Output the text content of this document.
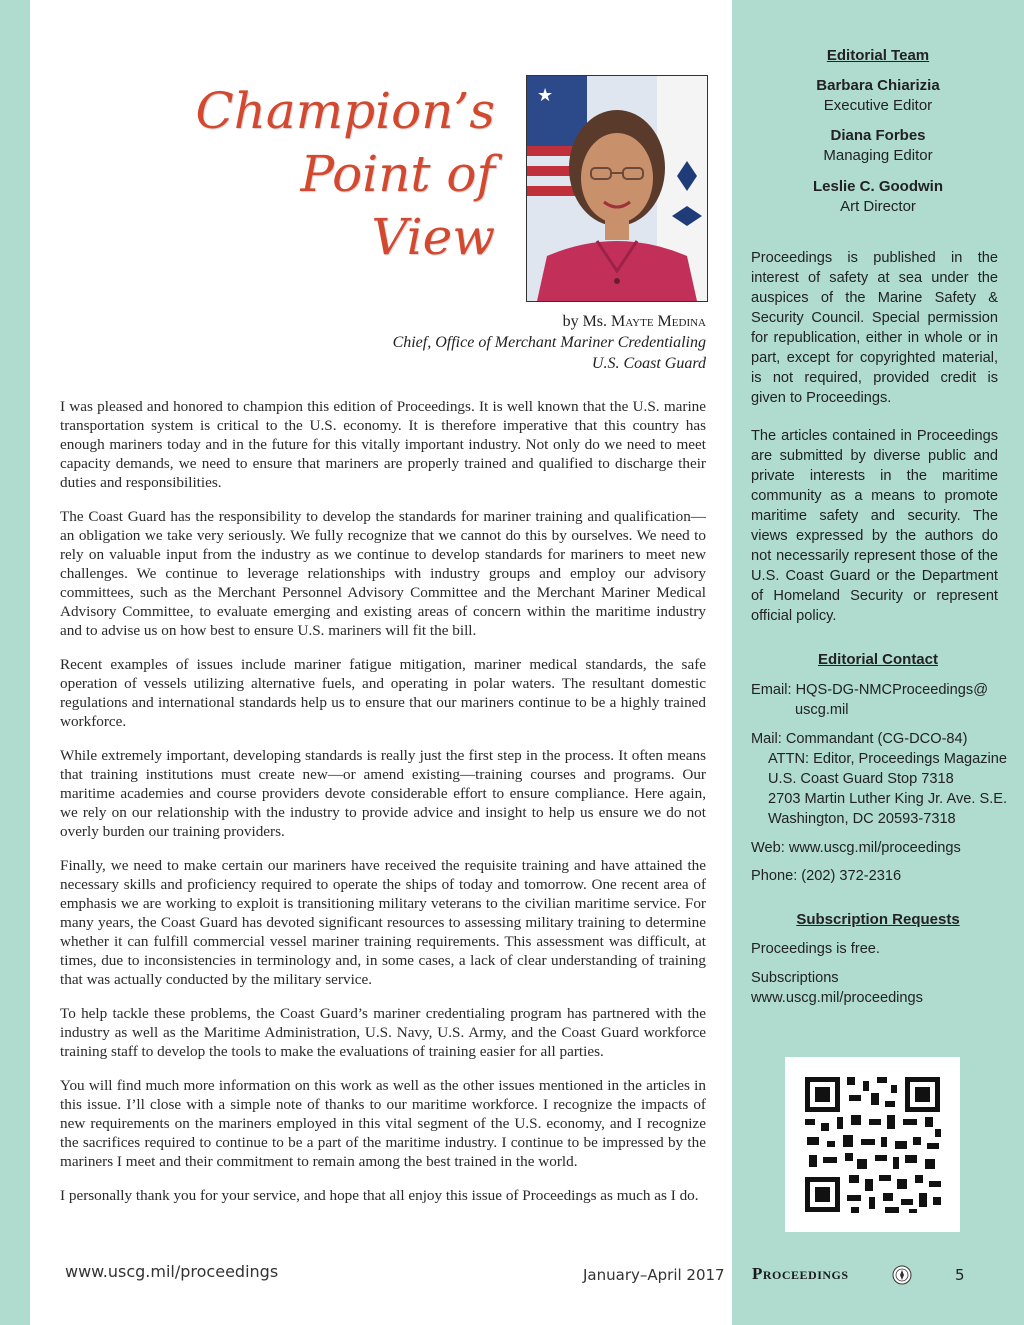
Champion’s
Point of
View
★
by Ms. Mayte Medina
Chief, Office of Merchant Mariner Credentialing
U.S. Coast Guard

I was pleased and honored to champion this edition of Proceedings. It is well known that the U.S. marine transportation system is critical to the U.S. economy. It is therefore imperative that this country has enough mariners today and in the future for this vitally important industry. Not only do we need to meet capacity demands, we need to ensure that mariners are properly trained and qualified to discharge their duties and responsibilities.

The Coast Guard has the responsibility to develop the standards for mariner training and qualification—an obligation we take very seriously. We fully recognize that we cannot do this by ourselves. We need to rely on valuable input from the industry as we continue to develop standards for mariners to meet new challenges. We continue to leverage relationships with industry groups and employ our advisory committees, such as the Merchant Personnel Advisory Committee and the Merchant Mariner Medical Advisory Committee, to evaluate emerging and existing areas of concern within the maritime industry and to advise us on how best to ensure U.S. mariners will fit the bill.

Recent examples of issues include mariner fatigue mitigation, mariner medical standards, the safe operation of vessels utilizing alternative fuels, and operating in polar waters. The resultant domestic regulations and international standards help us to ensure that our mariners continue to be a highly trained workforce.

While extremely important, developing standards is really just the first step in the process. It often means that training institutions must create new—or amend existing—training courses and programs. Our maritime academies and course providers devote considerable effort to ensure compliance. Here again, we rely on our relationship with the industry to provide advice and insight to help us ensure we do not overly burden our training providers.

Finally, we need to make certain our mariners have received the requisite training and have attained the necessary skills and proficiency required to operate the ships of today and tomorrow. One recent area of emphasis we are working to exploit is transitioning military veterans to the civilian maritime service. For many years, the Coast Guard has devoted significant resources to assessing military training to determine whether it can fulfill commercial vessel mariner training requirements. This assessment was difficult, at times, due to inconsistencies in terminology and, in some cases, a lack of clear understanding of training that was actually conducted by the military service.

To help tackle these problems, the Coast Guard’s mariner credentialing program has partnered with the industry as well as the Maritime Administration, U.S. Navy, U.S. Army, and the Coast Guard workforce training staff to develop the tools to make the evaluations of training easier for all parties.

You will find much more information on this work as well as the other issues mentioned in the articles in this issue. I’ll close with a simple note of thanks to our maritime workforce. I recognize the impacts of new requirements on the mariners employed in this vital segment of the U.S. economy, and I recognize the sacrifices required to continue to be a part of the maritime industry. I continue to be impressed by the mariners I meet and their commitment to remain among the best trained in the world.

I personally thank you for your service, and hope that all enjoy this issue of Proceedings as much as I do.

Editorial Team
Barbara Chiarizia
Executive Editor
Diana Forbes
Managing Editor
Leslie C. Goodwin
Art Director
Proceedings is published in the interest of safety at sea under the auspices of the Marine Safety & Security Council. Special permission for republication, either in whole or in part, except for copyrighted material, is not required, provided credit is given to Proceedings.
The articles contained in Proceedings are submitted by diverse public and private interests in the maritime community as a means to promote maritime safety and security. The views expressed by the authors do not necessarily represent those of the U.S. Coast Guard or the Department of Homeland Security or represent official policy.
Editorial Contact
Email: HQS-DG-NMCProceedings@
uscg.mil
Mail: Commandant (CG-DCO-84)
ATTN: Editor, Proceedings Magazine
U.S. Coast Guard Stop 7318
2703 Martin Luther King Jr. Ave. S.E.
Washington, DC 20593-7318
Web: www.uscg.mil/proceedings
Phone: (202) 372-2316
Subscription Requests
Proceedings is free.
Subscriptions
www.uscg.mil/proceedings
www.uscg.mil/proceedings	January–April 2017 Proceedings	5
